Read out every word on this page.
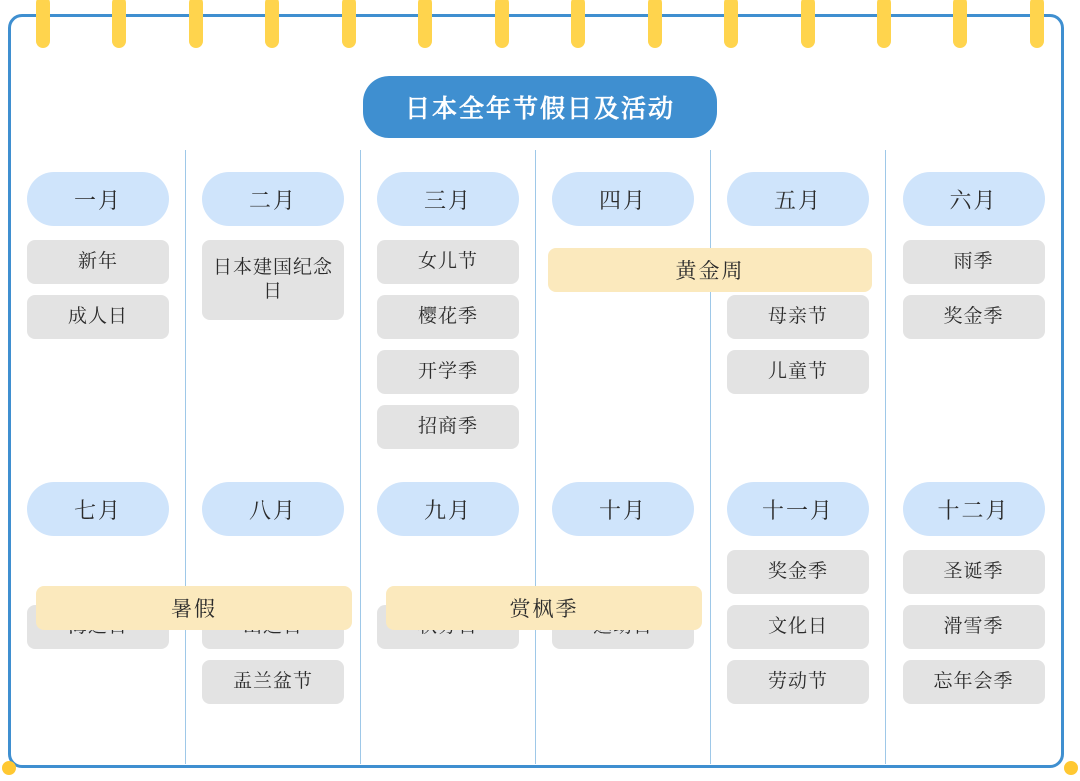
日本全年节假日及活动
一月
新年
成人日
二月
日本建国纪念日
三月
女儿节
樱花季
开学季
招商季
四月	五月
母亲节
儿童节
六月
雨季
奖金季
七月	八月
盂兰盆节
九月	十月	十一月
奖金季
文化日
劳动节
十二月
圣诞季
滑雪季
忘年会季
黄金周
暑假	赏枫季
